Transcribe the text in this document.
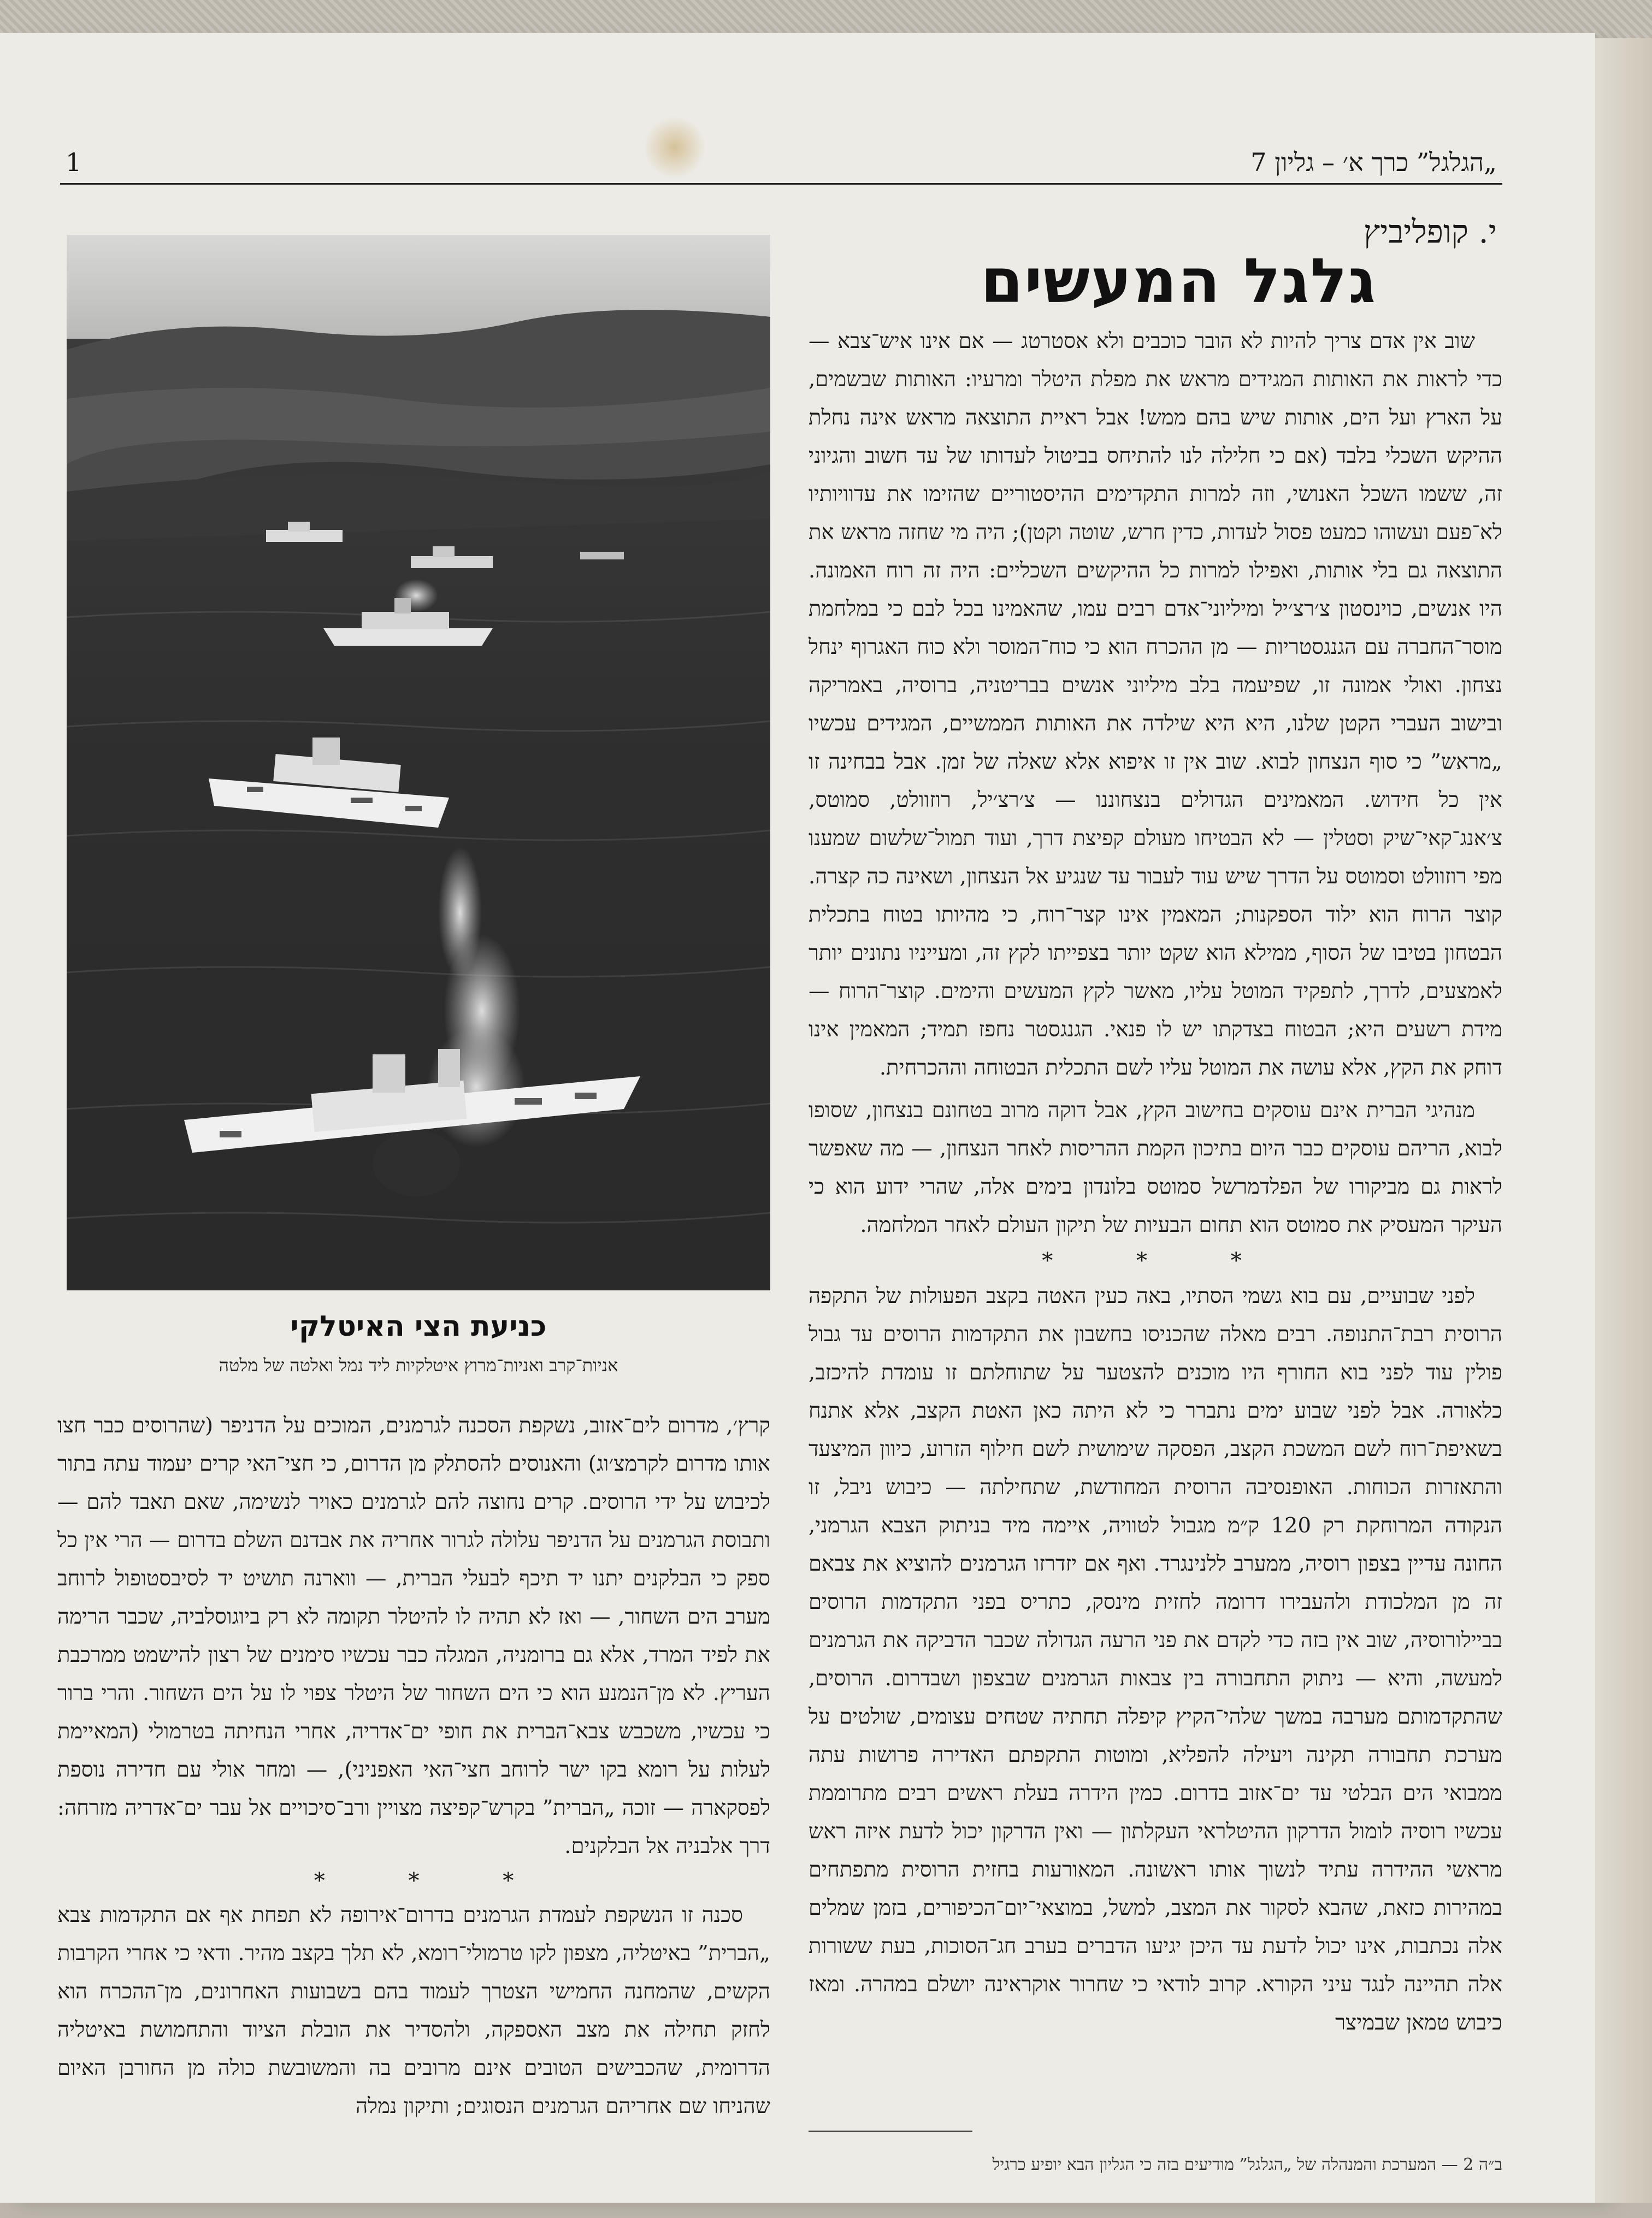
1	„הגלגל” כרך א׳ – גליון 7
י. קופליביץ
גלגל המעשים

שוב אין אדם צריך להיות לא הובר כוכבים ולא אסטרטג — אם אינו איש־צבא — כדי לראות את האותות המגידים מראש את מפלת היטלר ומרעיו: האותות שבשמים, על הארץ ועל הים, אותות שיש בהם ממש! אבל ראיית התוצאה מראש אינה נחלת ההיקש השכלי בלבד (אם כי חלילה לנו להתיחס בביטול לעדותו של עד חשוב והגיוני זה, ששמו השכל האנושי, וזה למרות התקדימים ההיסטוריים שהזימו את עדוויותיו לא־פעם ועשוהו כמעט פסול לעדות, כדין חרש, שוטה וקטן); היה מי שחזה מראש את התוצאה גם בלי אותות, ואפילו למרות כל ההיקשים השכליים: היה זה רוח האמונה. היו אנשים, כוינסטון צ׳רצ׳יל ומיליוני־אדם רבים עמו, שהאמינו בכל לבם כי במלחמת מוסר־החברה עם הגנגסטריות — מן ההכרח הוא כי כוח־המוסר ולא כוח האגרוף ינחל נצחון. ואולי אמונה זו, שפיעמה בלב מיליוני אנשים בבריטניה, ברוסיה, באמריקה ובישוב העברי הקטן שלנו, היא היא שילדה את האותות הממשיים, המגידים עכשיו „מראש” כי סוף הנצחון לבוא. שוב אין זו איפוא אלא שאלה של זמן. אבל בבחינה זו אין כל חידוש. המאמינים הגדולים בנצחוננו — צ׳רצ׳יל, רוזוולט, סמוטס, צ׳אנג־קאי־שיק וסטלין — לא הבטיחו מעולם קפיצת דרך, ועוד תמול־שלשום שמענו מפי רוזוולט וסמוטס על הדרך שיש עוד לעבור עד שנגיע אל הנצחון, ושאינה כה קצרה. קוצר הרוח הוא ילוד הספקנות; המאמין אינו קצר־רוח, כי מהיותו בטוח בתכלית הבטחון בטיבו של הסוף, ממילא הוא שקט יותר בצפייתו לקץ זה, ומעייניו נתונים יותר לאמצעים, לדרך, לתפקיד המוטל עליו, מאשר לקץ המעשים והימים. קוצר־הרוח — מידת רשעים היא; הבטוח בצדקתו יש לו פנאי. הגנגסטר נחפז תמיד; המאמין אינו דוחק את הקץ, אלא עושה את המוטל עליו לשם התכלית הבטוחה וההכרחית.

מנהיגי הברית אינם עוסקים בחישוב הקץ, אבל דוקה מרוב בטחונם בנצחון, שסופו לבוא, הריהם עוסקים כבר היום בתיכון הקמת ההריסות לאחר הנצחון, — מה שאפשר לראות גם מביקורו של הפלדמרשל סמוטס בלונדון בימים אלה, שהרי ידוע הוא כי העיקר המעסיק את סמוטס הוא תחום הבעיות של תיקון העולם לאחר המלחמה.

* * *

לפני שבועיים, עם בוא גשמי הסתיו, באה כעין האטה בקצב הפעולות של התקפה הרוסית רבת־התנופה. רבים מאלה שהכניסו בחשבון את התקדמות הרוסים עד גבול פולין עוד לפני בוא החורף היו מוכנים להצטער על שתוחלתם זו עומדת להיכזב, כלאורה. אבל לפני שבוע ימים נתברר כי לא היתה כאן האטת הקצב, אלא אתנח בשאיפת־רוח לשם המשכת הקצב, הפסקה שימושית לשם חילוף הזרוע, כיוון המיצעד והתאזרות הכוחות. האופנסיבה הרוסית המחודשת, שתחילתה — כיבוש ניבל, זו הנקודה המרוחקת רק 120 ק״מ מגבול לטוויה, איימה מיד בניתוק הצבא הגרמני, החונה עדיין בצפון רוסיה, ממערב ללנינגרד. ואף אם יזדרזו הגרמנים להוציא את צבאם זה מן המלכודת ולהעבירו דרומה לחזית מינסק, כתריס בפני התקדמות הרוסים בביילורוסיה, שוב אין בזה כדי לקדם את פני הרעה הגדולה שכבר הדביקה את הגרמנים למעשה, והיא — ניתוק התחבורה בין צבאות הגרמנים שבצפון ושבדרום. הרוסים, שהתקדמותם מערבה במשך שלהי־הקיץ קיפלה תחתיה שטחים עצומים, שולטים על מערכת תחבורה תקינה ויעילה להפליא, ומוטות התקפתם האדירה פרושות עתה ממבואי הים הבלטי עד ים־אזוב בדרום. כמין הידרה בעלת ראשים רבים מתרוממת עכשיו רוסיה לומול הדרקון ההיטלראי העקלתון — ואין הדרקון יכול לדעת איזה ראש מראשי ההידרה עתיד לנשוך אותו ראשונה. המאורעות בחזית הרוסית מתפתחים במהירות כזאת, שהבא לסקור את המצב, למשל, במוצאי־יום־הכיפורים, בזמן שמלים אלה נכתבות, אינו יכול לדעת עד היכן יגיעו הדברים בערב חג־הסוכות, בעת ששורות אלה תהיינה לנגד עיני הקורא. קרוב לודאי כי שחרור אוקראינה יושלם במהרה. ומאז כיבוש טמאן שבמיצר

ב״ה 2 — המערכת והמנהלה של „הגלגל” מודיעים בזה כי הגליון הבא יופיע כרגיל
כניעת הצי האיטלקי
אניות־קרב ואניות־מרוץ איטלקיות ליד נמל ואלטה של מלטה

קרץ׳, מדרום לים־אזוב, נשקפת הסכנה לגרמנים, המוכים על הדניפר (שהרוסים כבר חצו אותו מדרום לקרמצ׳וג) והאנוסים להסתלק מן הדרום, כי חצי־האי קרים יעמוד עתה בתור לכיבוש על ידי הרוסים. קרים נחוצה להם לגרמנים כאויר לנשימה, שאם תאבד להם — ותבוסת הגרמנים על הדניפר עלולה לגרור אחריה את אבדנם השלם בדרום — הרי אין כל ספק כי הבלקנים יתנו יד תיכף לבעלי הברית, — ווארנה תושיט יד לסיבסטופול לרוחב מערב הים השחור, — ואז לא תהיה לו להיטלר תקומה לא רק ביוגוסלביה, שכבר הרימה את לפיד המרד, אלא גם ברומניה, המגלה כבר עכשיו סימנים של רצון להישמט ממרכבת העריץ. לא מן־הנמנע הוא כי הים השחור של היטלר צפוי לו על הים השחור. והרי ברור כי עכשיו, משכבש צבא־הברית את חופי ים־אדריה, אחרי הנחיתה בטרמולי (המאיימת לעלות על רומא בקו ישר לרוחב חצי־האי האפניני), — ומחר אולי עם חדירה נוספת לפסקארה — זוכה „הברית” בקרש־קפיצה מצויין ורב־סיכויים אל עבר ים־אדריה מזרחה: דרך אלבניה אל הבלקנים.

* * *

סכנה זו הנשקפת לעמדת הגרמנים בדרום־אירופה לא תפחת אף אם התקדמות צבא „הברית” באיטליה, מצפון לקו טרמולי־רומא, לא תלך בקצב מהיר. ודאי כי אחרי הקרבות הקשים, שהמחנה החמישי הצטרך לעמוד בהם בשבועות האחרונים, מן־ההכרח הוא לחזק תחילה את מצב האספקה, ולהסדיר את הובלת הציוד והתחמושת באיטליה הדרומית, שהכבישים הטובים אינם מרובים בה והמשובשת כולה מן החורבן האיום שהניחו שם אחריהם הגרמנים הנסוגים; ותיקון נמלה
